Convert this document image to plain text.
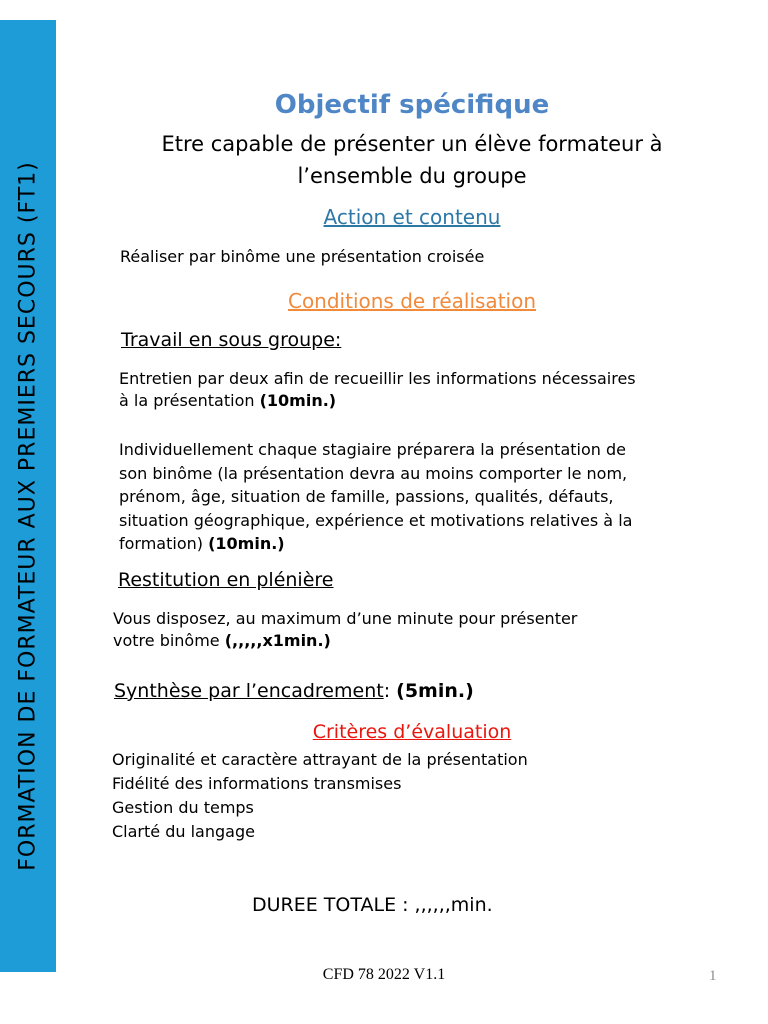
FORMATION DE FORMATEUR AUX PREMIERS SECOURS (FT1)
Objectif spécifique
Etre capable de présenter un élève formateur à
l’ensemble du groupe
Action et contenu
Réaliser par binôme une présentation croisée
Conditions de réalisation
Travail en sous groupe:
Entretien par deux afin de recueillir les informations nécessaires
à la présentation (10min.)
Individuellement chaque stagiaire préparera la présentation de
son binôme (la présentation devra au moins comporter le nom,
prénom, âge, situation de famille, passions, qualités, défauts,
situation géographique, expérience et motivations relatives à la
formation) (10min.)
Restitution en plénière
Vous disposez, au maximum d’une minute pour présenter
votre binôme (,,,,,x1min.)
Synthèse par l’encadrement: (5min.)
Critères d’évaluation
Originalité et caractère attrayant de la présentation
Fidélité des informations transmises
Gestion du temps
Clarté du langage
DUREE TOTALE : ,,,,,,min.
CFD 78 2022 V1.1	1
